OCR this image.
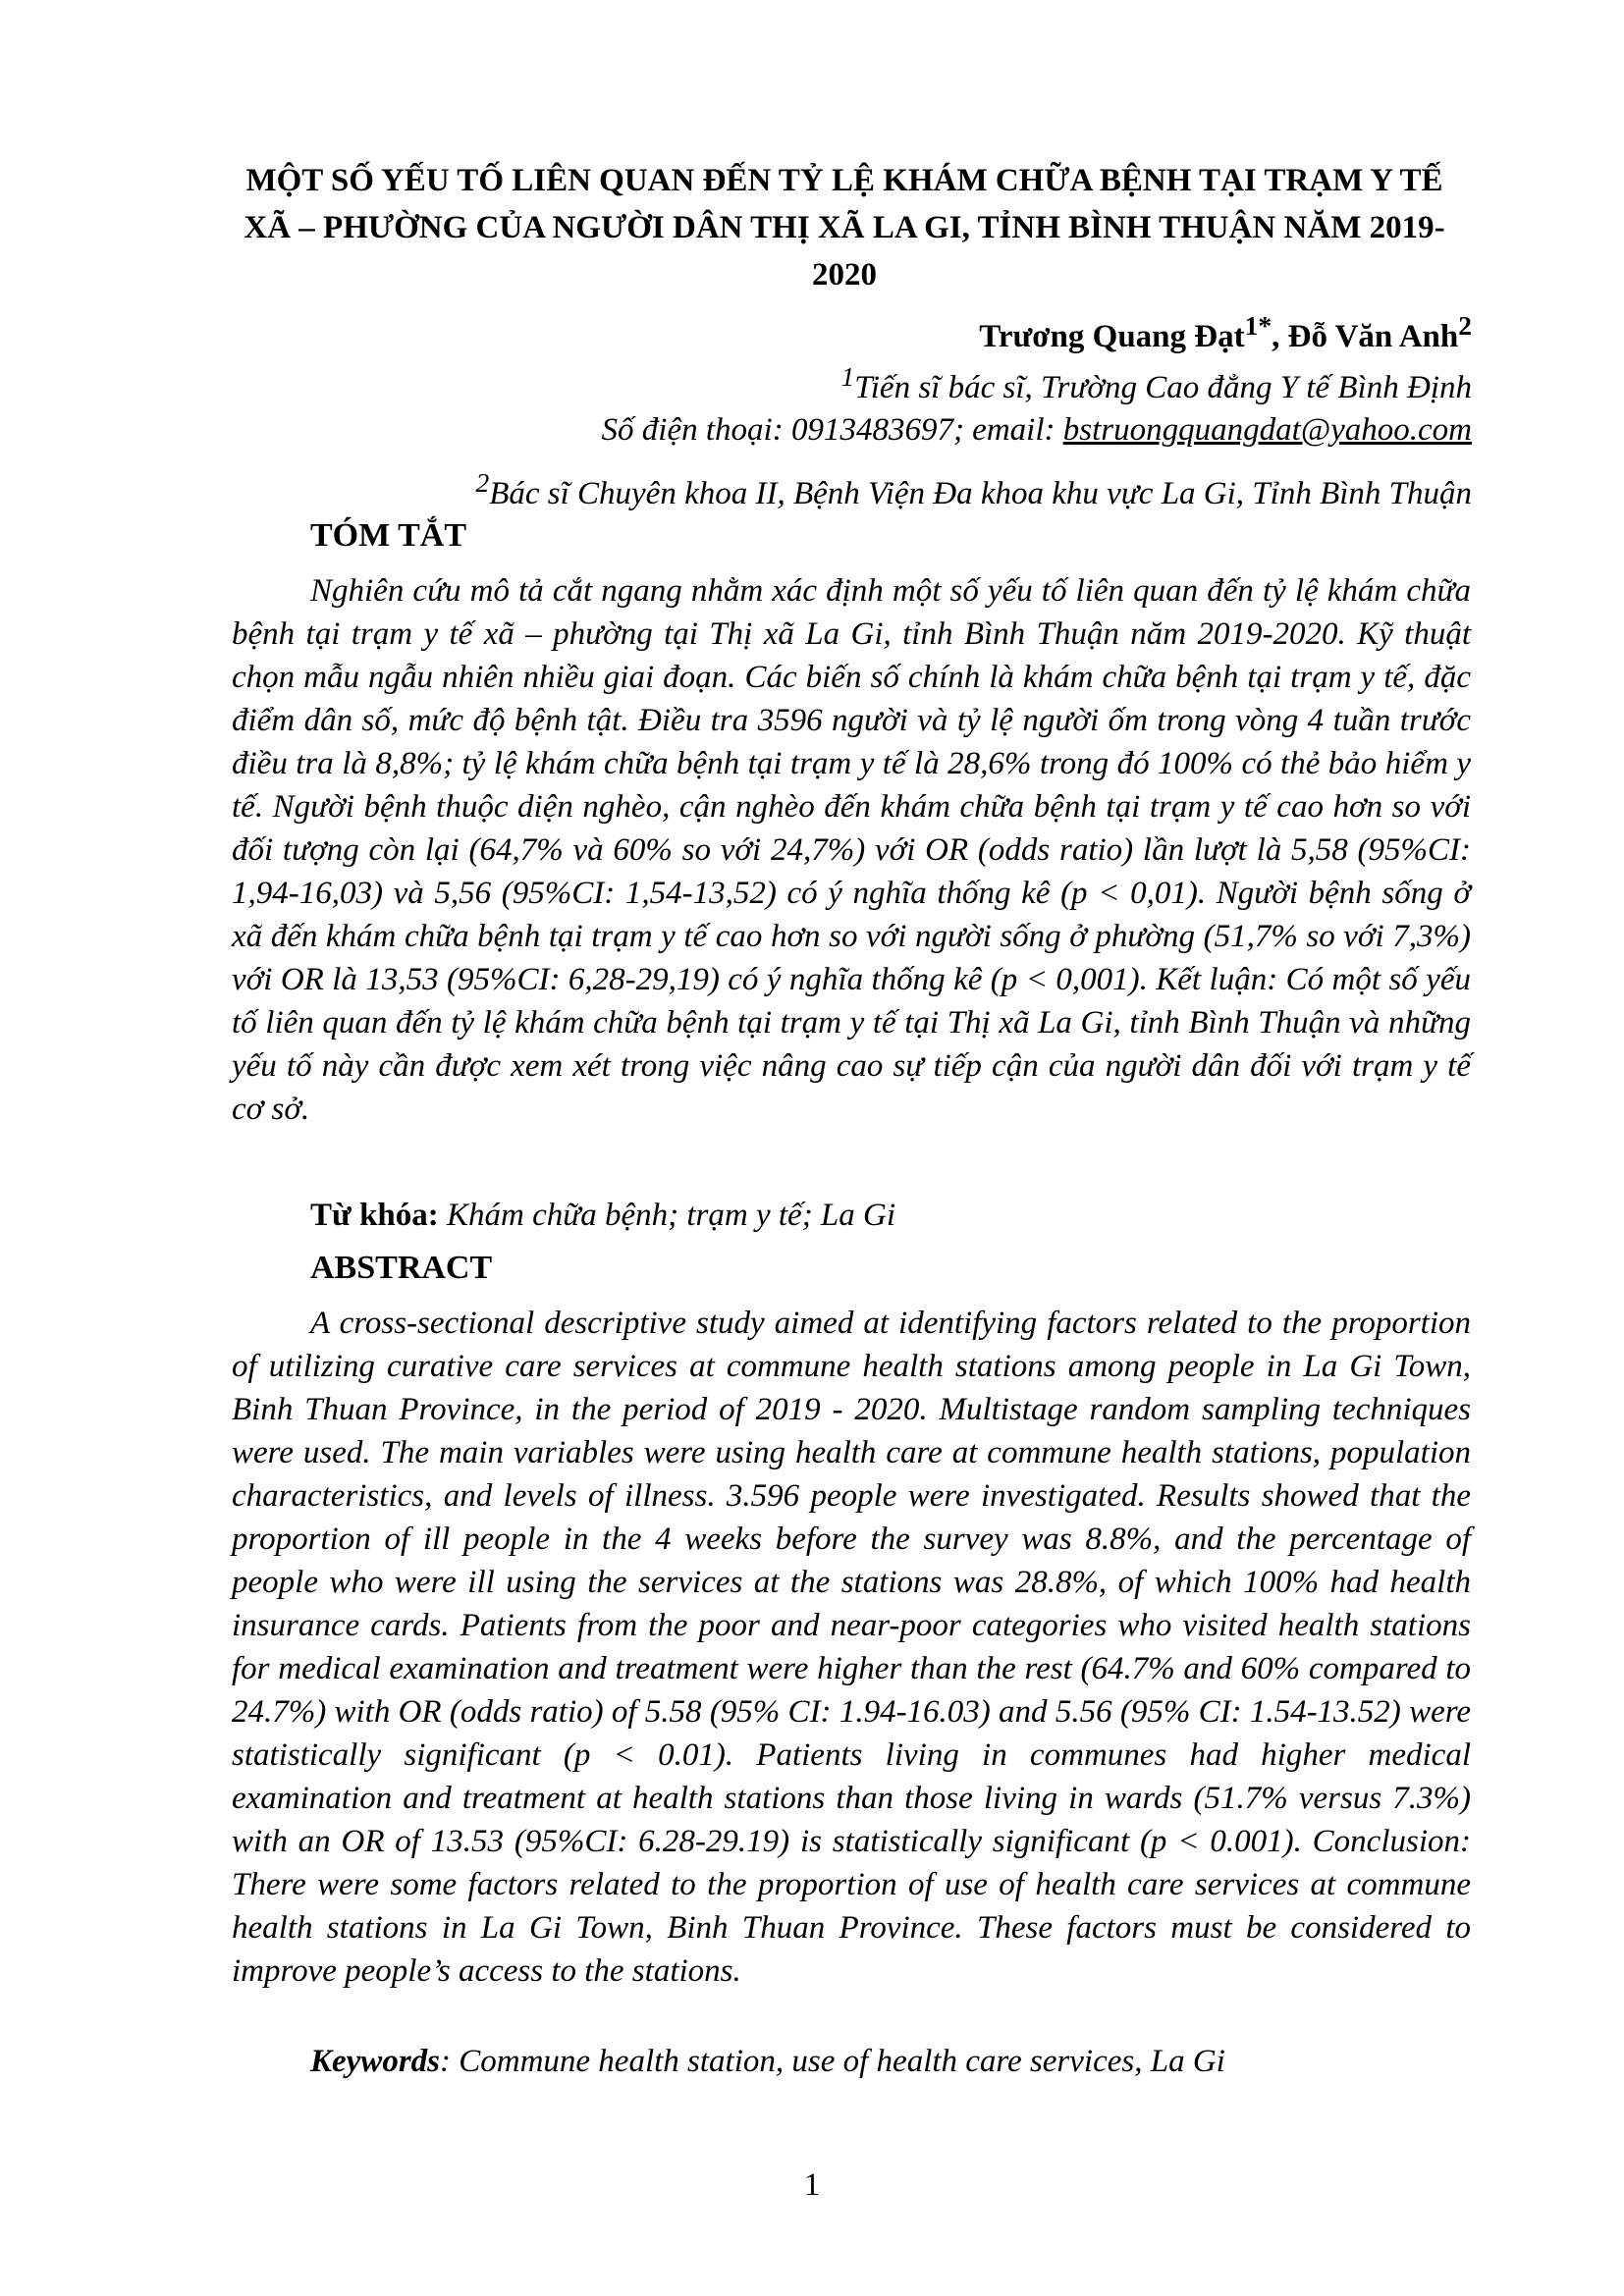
MỘT SỐ YẾU TỐ LIÊN QUAN ĐẾN TỶ LỆ KHÁM CHỮA BỆNH TẠI TRẠM Y TẾ XÃ – PHƯỜNG CỦA NGƯỜI DÂN THỊ XÃ LA GI, TỈNH BÌNH THUẬN NĂM 2019-2020

Trương Quang Đạt$^{1*}$, Đỗ Văn Anh$^2$

$^1$Tiến sĩ bác sĩ, Trường Cao đẳng Y tế Bình Định

Số điện thoại: 0913483697; email: bstruongquangdat@yahoo.com

$^2$Bác sĩ Chuyên khoa II, Bệnh Viện Đa khoa khu vực La Gi, Tỉnh Bình Thuận

TÓM TẮT

Nghiên cứu mô tả cắt ngang nhằm xác định một số yếu tố liên quan đến tỷ lệ khám chữa bệnh tại trạm y tế xã – phường tại Thị xã La Gi, tỉnh Bình Thuận năm 2019-2020. Kỹ thuật chọn mẫu ngẫu nhiên nhiều giai đoạn. Các biến số chính là khám chữa bệnh tại trạm y tế, đặc điểm dân số, mức độ bệnh tật. Điều tra 3596 người và tỷ lệ người ốm trong vòng 4 tuần trước điều tra là 8,8%; tỷ lệ khám chữa bệnh tại trạm y tế là 28,6% trong đó 100% có thẻ bảo hiểm y tế. Người bệnh thuộc diện nghèo, cận nghèo đến khám chữa bệnh tại trạm y tế cao hơn so với đối tượng còn lại (64,7% và 60% so với 24,7%) với OR (odds ratio) lần lượt là 5,58 (95%CI: 1,94-16,03) và 5,56 (95%CI: 1,54-13,52) có ý nghĩa thống kê (p < 0,01). Người bệnh sống ở xã đến khám chữa bệnh tại trạm y tế cao hơn so với người sống ở phường (51,7% so với 7,3%) với OR là 13,53 (95%CI: 6,28-29,19) có ý nghĩa thống kê (p < 0,001). Kết luận: Có một số yếu tố liên quan đến tỷ lệ khám chữa bệnh tại trạm y tế tại Thị xã La Gi, tỉnh Bình Thuận và những yếu tố này cần được xem xét trong việc nâng cao sự tiếp cận của người dân đối với trạm y tế cơ sở.

Từ khóa: Khám chữa bệnh; trạm y tế; La Gi

ABSTRACT

A cross-sectional descriptive study aimed at identifying factors related to the proportion of utilizing curative care services at commune health stations among people in La Gi Town, Binh Thuan Province, in the period of 2019 - 2020. Multistage random sampling techniques were used. The main variables were using health care at commune health stations, population characteristics, and levels of illness. 3.596 people were investigated. Results showed that the proportion of ill people in the 4 weeks before the survey was 8.8%, and the percentage of people who were ill using the services at the stations was 28.8%, of which 100% had health insurance cards. Patients from the poor and near-poor categories who visited health stations for medical examination and treatment were higher than the rest (64.7% and 60% compared to 24.7%) with OR (odds ratio) of 5.58 (95% CI: 1.94-16.03) and 5.56 (95% CI: 1.54-13.52) were statistically significant (p < 0.01). Patients living in communes had higher medical examination and treatment at health stations than those living in wards (51.7% versus 7.3%) with an OR of 13.53 (95%CI: 6.28-29.19) is statistically significant (p < 0.001). Conclusion: There were some factors related to the proportion of use of health care services at commune health stations in La Gi Town, Binh Thuan Province. These factors must be considered to improve people’s access to the stations.

Keywords: Commune health station, use of health care services, La Gi

1
